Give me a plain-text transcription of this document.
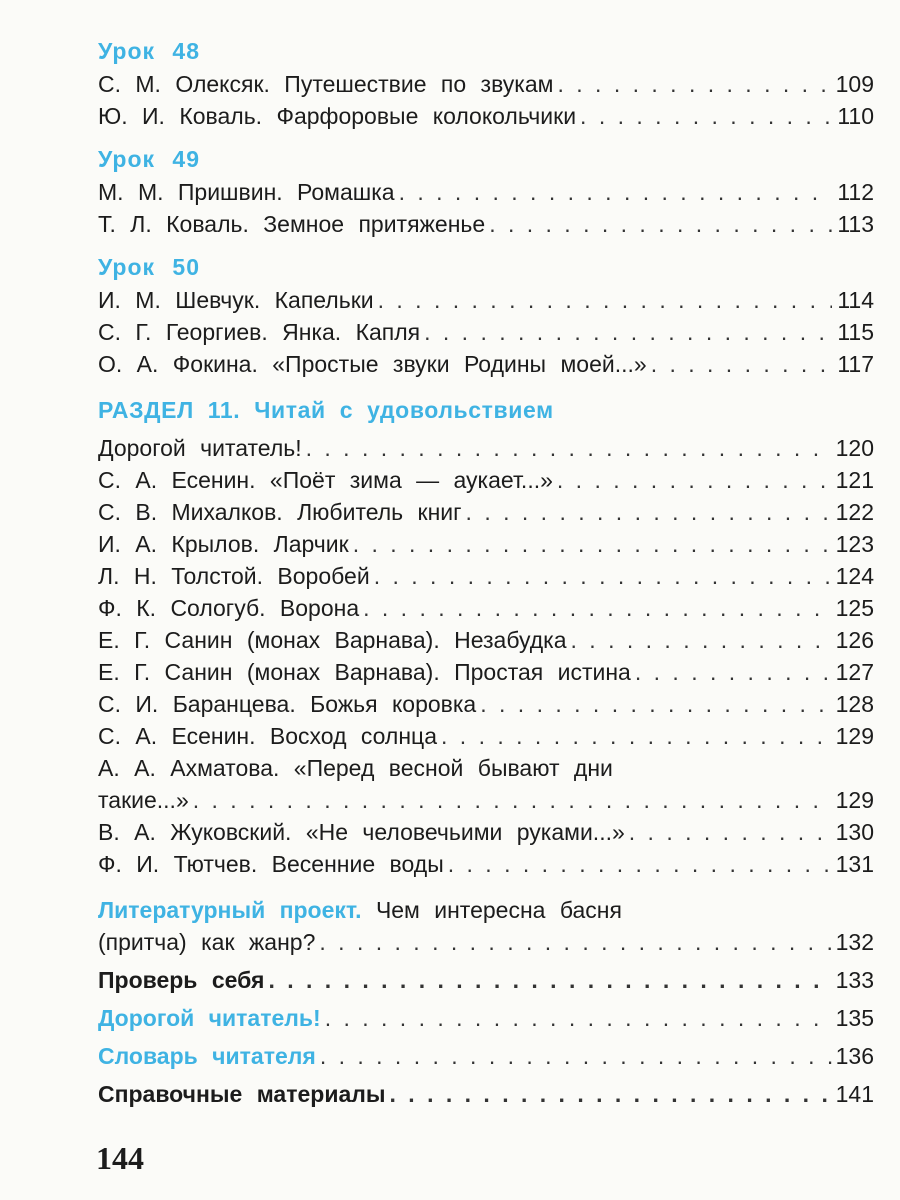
Урок 48
С. М. Олексяк. Путешествие по звукам . . .	109
Ю. И. Коваль. Фарфоровые колокольчики . . .	110
Урок 49
М. М. Пришвин. Ромашка . . .	112
Т. Л. Коваль. Земное притяженье . . .	113
Урок 50
И. М. Шевчук. Капельки . . .	114
С. Г. Георгиев. Янка. Капля . . .	115
О. А. Фокина. «Простые звуки Родины моей...» . . .	117
РАЗДЕЛ 11. Читай с удовольствием
Дорогой читатель! . . .	120
С. А. Есенин. «Поёт зима — аукает...» . . .	121
С. В. Михалков. Любитель книг . . .	122
И. А. Крылов. Ларчик . . .	123
Л. Н. Толстой. Воробей . . .	124
Ф. К. Сологуб. Ворона . . .	125
Е. Г. Санин (монах Варнава). Незабудка . . .	126
Е. Г. Санин (монах Варнава). Простая истина . . .	127
С. И. Баранцева. Божья коровка . . .	128
С. А. Есенин. Восход солнца . . .	129
А. А. Ахматова. «Перед весной бывают дни
такие...» . . .	129
В. А. Жуковский. «Не человечьими руками...» . . .	130
Ф. И. Тютчев. Весенние воды . . .	131
Литературный проект. Чем интересна басня
(притча) как жанр? . . .	132
Проверь себя . . .	133
Дорогой читатель! . . .	135
Словарь читателя . . .	136
Справочные материалы . . .	141
144
